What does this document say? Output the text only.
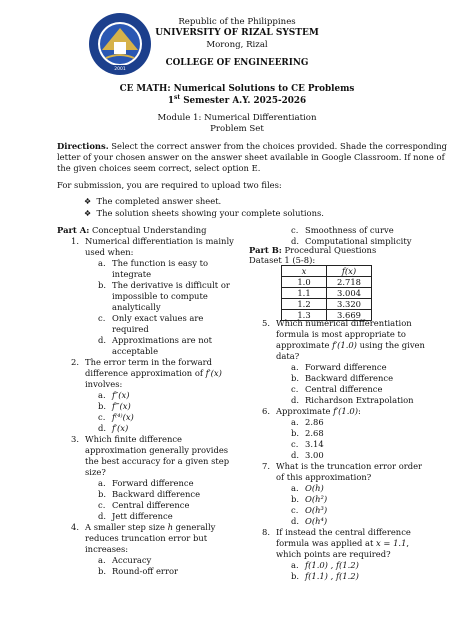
2001
Republic of the Philippines
UNIVERSITY OF RIZAL SYSTEM
Morong, Rizal
COLLEGE OF ENGINEERING
CE MATH: Numerical Solutions to CE Problems
1st Semester A.Y. 2025-2026
Module 1: Numerical Differentiation
Problem Set
Directions. Select the correct answer from the choices provided. Shade the corresponding
letter of your chosen answer on the answer sheet available in Google Classroom. If none of
the given choices seem correct, select option E.
For submission, you are required to upload two files:
❖ The completed answer sheet.
❖ The solution sheets showing your complete solutions.
Part A: Conceptual Understanding
1. Numerical differentiation is mainly
used when:
a. The function is easy to
integrate
b. The derivative is difficult or
impossible to compute
analytically
c. Only exact values are
required
d. Approximations are not
acceptable
2. The error term in the forward
difference approximation of f′(x)
involves:
a. f″(x)
b. f‴(x)
c. f⁽⁴⁾(x)
d. f′(x)
3. Which finite difference
approximation generally provides
the best accuracy for a given step
size?
a. Forward difference
b. Backward difference
c. Central difference
d. Jett difference
4. A smaller step size h generally
reduces truncation error but
increases:
a. Accuracy
b. Round-off error
c. Smoothness of curve
d. Computational simplicity
Part B: Procedural Questions
Dataset 1 (5-8):
x	f(x)
1.0	2.718
1.1	3.004
1.2	3.320
1.3	3.669
5. Which numerical differentiation
formula is most appropriate to
approximate f′(1.0) using the given
data?
a. Forward difference
b. Backward difference
c. Central difference
d. Richardson Extrapolation
6. Approximate f′(1.0):
a. 2.86
b. 2.68
c. 3.14
d. 3.00
7. What is the truncation error order
of this approximation?
a. O(h)
b. O(h²)
c. O(h³)
d. O(h⁴)
8. If instead the central difference
formula was applied at x = 1.1,
which points are required?
a. f(1.0) , f(1.2)
b. f(1.1) , f(1.2)
